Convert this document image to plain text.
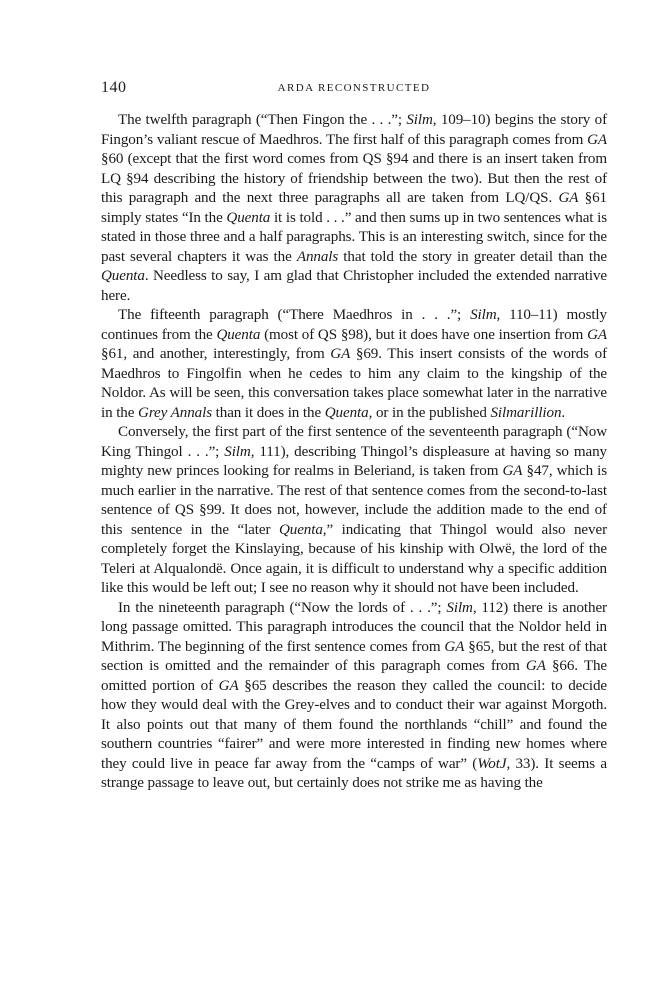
140	ARDA RECONSTRUCTED

The twelfth paragraph (“Then Fingon the . . .”; Silm, 109–10) begins the story of Fingon’s valiant rescue of Maedhros. The first half of this paragraph comes from GA §60 (except that the first word comes from QS §94 and there is an insert taken from LQ §94 describing the history of friendship between the two). But then the rest of this paragraph and the next three paragraphs all are taken from LQ/QS. GA §61 simply states “In the Quenta it is told . . .” and then sums up in two sentences what is stated in those three and a half paragraphs. This is an interesting switch, since for the past several chapters it was the Annals that told the story in greater detail than the Quenta. Needless to say, I am glad that Christopher included the extended narrative here.

The fifteenth paragraph (“There Maedhros in . . .”; Silm, 110–11) mostly continues from the Quenta (most of QS §98), but it does have one insertion from GA §61, and another, interestingly, from GA §69. This insert consists of the words of Maedhros to Fingolfin when he cedes to him any claim to the kingship of the Noldor. As will be seen, this conversation takes place somewhat later in the narrative in the Grey Annals than it does in the Quenta, or in the published Silmarillion.

Conversely, the first part of the first sentence of the seventeenth paragraph (“Now King Thingol . . .”; Silm, 111), describing Thingol’s displeasure at having so many mighty new princes looking for realms in Beleriand, is taken from GA §47, which is much earlier in the narrative. The rest of that sentence comes from the second-to-last sentence of QS §99. It does not, however, include the addition made to the end of this sentence in the “later Quenta,” indicating that Thingol would also never completely forget the Kinslaying, because of his kinship with Olwë, the lord of the Teleri at Alqualondë. Once again, it is difficult to understand why a specific addition like this would be left out; I see no reason why it should not have been included.

In the nineteenth paragraph (“Now the lords of . . .”; Silm, 112) there is another long passage omitted. This paragraph introduces the council that the Noldor held in Mithrim. The beginning of the first sentence comes from GA §65, but the rest of that section is omitted and the remainder of this paragraph comes from GA §66. The omitted portion of GA §65 describes the reason they called the council: to decide how they would deal with the Grey-elves and to conduct their war against Morgoth. It also points out that many of them found the northlands “chill” and found the southern countries “fairer” and were more interested in finding new homes where they could live in peace far away from the “camps of war” (WotJ, 33). It seems a strange passage to leave out, but certainly does not strike me as having the
